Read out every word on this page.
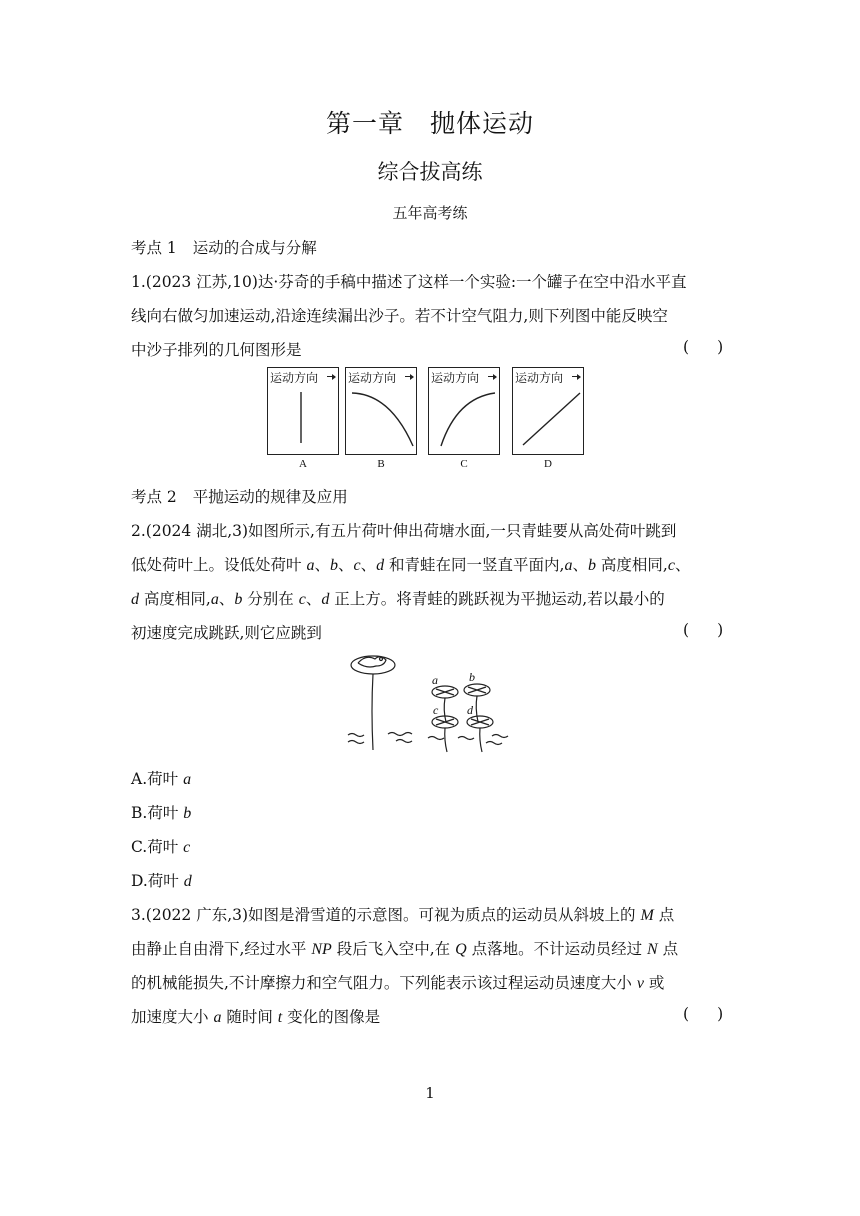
第一章 抛体运动
综合拔高练
五年高考练
考点 1 运动的合成与分解
1.(2023 江苏,10)达·芬奇的手稿中描述了这样一个实验:一个罐子在空中沿水平直
线向右做匀加速运动,沿途连续漏出沙子。若不计空气阻力,则下列图中能反映空
中沙子排列的几何图形是	( )
运动方向 运动方向	运动方向	运动方向
A	B	C	D
考点 2 平抛运动的规律及应用
2.(2024 湖北,3)如图所示,有五片荷叶伸出荷塘水面,一只青蛙要从高处荷叶跳到
低处荷叶上。设低处荷叶 a、b、c、d 和青蛙在同一竖直平面内,a、b 高度相同,c、
d 高度相同,a、b 分别在 c、d 正上方。将青蛙的跳跃视为平抛运动,若以最小的
初速度完成跳跃,则它应跳到	( )
a	b
c d
A.荷叶 a
B.荷叶 b
C.荷叶 c
D.荷叶 d
3.(2022 广东,3)如图是滑雪道的示意图。可视为质点的运动员从斜坡上的 M 点
由静止自由滑下,经过水平 NP 段后飞入空中,在 Q 点落地。不计运动员经过 N 点
的机械能损失,不计摩擦力和空气阻力。下列能表示该过程运动员速度大小 v 或
加速度大小 a 随时间 t 变化的图像是	( )
1
